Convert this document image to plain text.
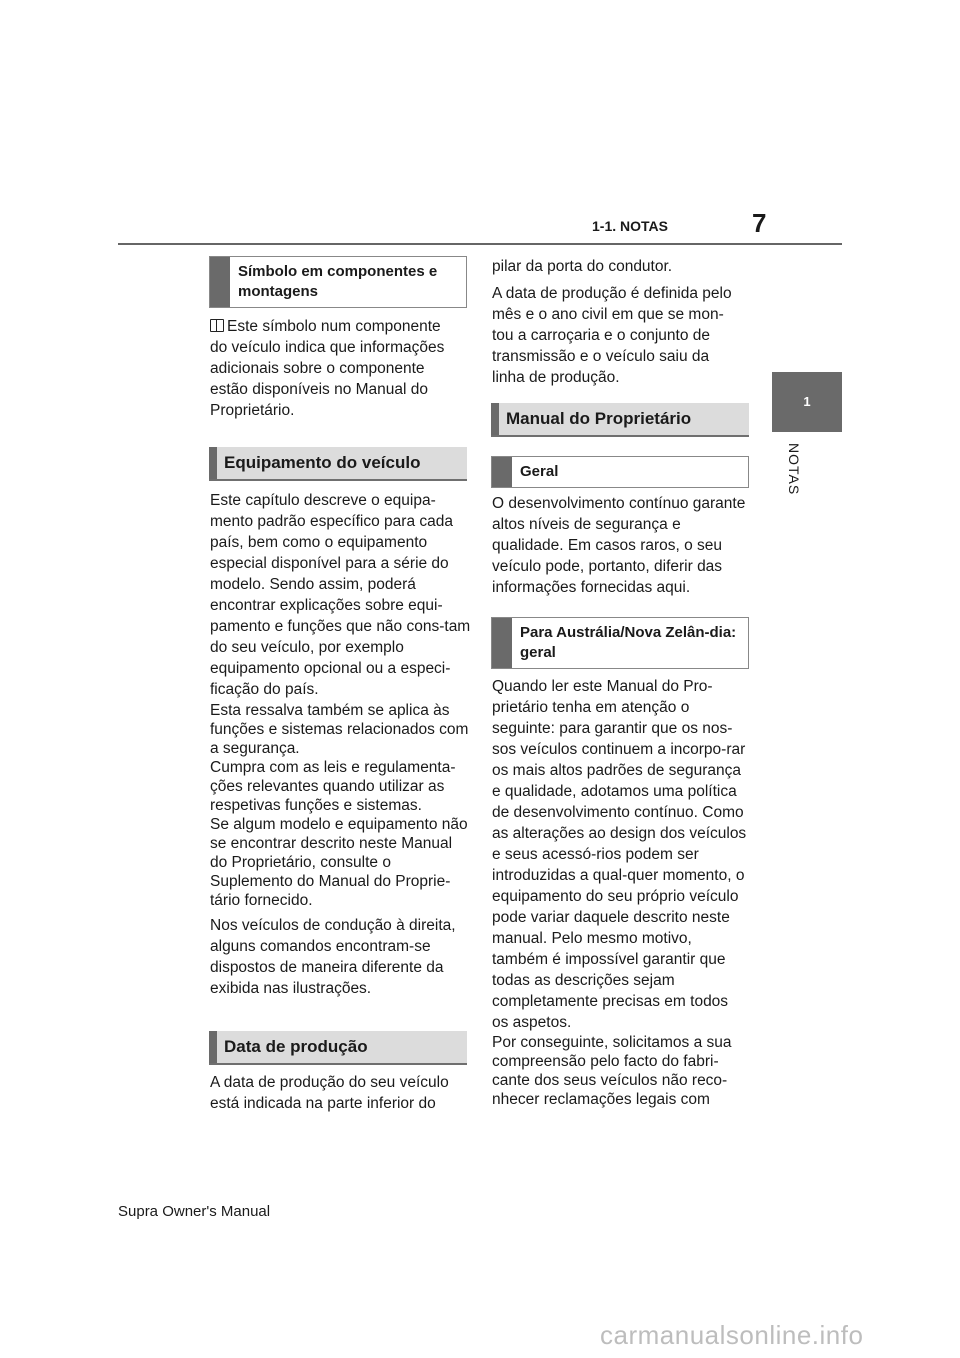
1-1. NOTAS	7
1
NOTAS
Símbolo em componentes e montagens

Este símbolo num componente do veículo indica que informações adicionais sobre o componente estão disponíveis no Manual do Proprietário.

Equipamento do veículo

Este capítulo descreve o equipa-mento padrão específico para cada país, bem como o equipamento especial disponível para a série do modelo. Sendo assim, poderá encontrar explicações sobre equi-pamento e funções que não cons-tam do seu veículo, por exemplo equipamento opcional ou a especi-ficação do país.

Esta ressalva também se aplica às funções e sistemas relacionados com a segurança.

Cumpra com as leis e regulamenta-ções relevantes quando utilizar as respetivas funções e sistemas.

Se algum modelo e equipamento não se encontrar descrito neste Manual do Proprietário, consulte o Suplemento do Manual do Proprie-tário fornecido.

Nos veículos de condução à direita, alguns comandos encontram-se dispostos de maneira diferente da exibida nas ilustrações.

Data de produção

A data de produção do seu veículo está indicada na parte inferior do

pilar da porta do condutor.

A data de produção é definida pelo mês e o ano civil em que se mon-tou a carroçaria e o conjunto de transmissão e o veículo saiu da linha de produção.

Manual do Proprietário
Geral

O desenvolvimento contínuo garante altos níveis de segurança e qualidade. Em casos raros, o seu veículo pode, portanto, diferir das informações fornecidas aqui.

Para Austrália/Nova Zelân-dia: geral

Quando ler este Manual do Pro-prietário tenha em atenção o seguinte: para garantir que os nos-sos veículos continuem a incorpo-rar os mais altos padrões de segurança e qualidade, adotamos uma política de desenvolvimento contínuo. Como as alterações ao design dos veículos e seus acessó-rios podem ser introduzidas a qual-quer momento, o equipamento do seu próprio veículo pode variar daquele descrito neste manual. Pelo mesmo motivo, também é impossível garantir que todas as descrições sejam completamente precisas em todos os aspetos.

Por conseguinte, solicitamos a sua compreensão pelo facto do fabri-cante dos seus veículos não reco-nhecer reclamações legais com

Supra Owner's Manual
carmanualsonline.info
